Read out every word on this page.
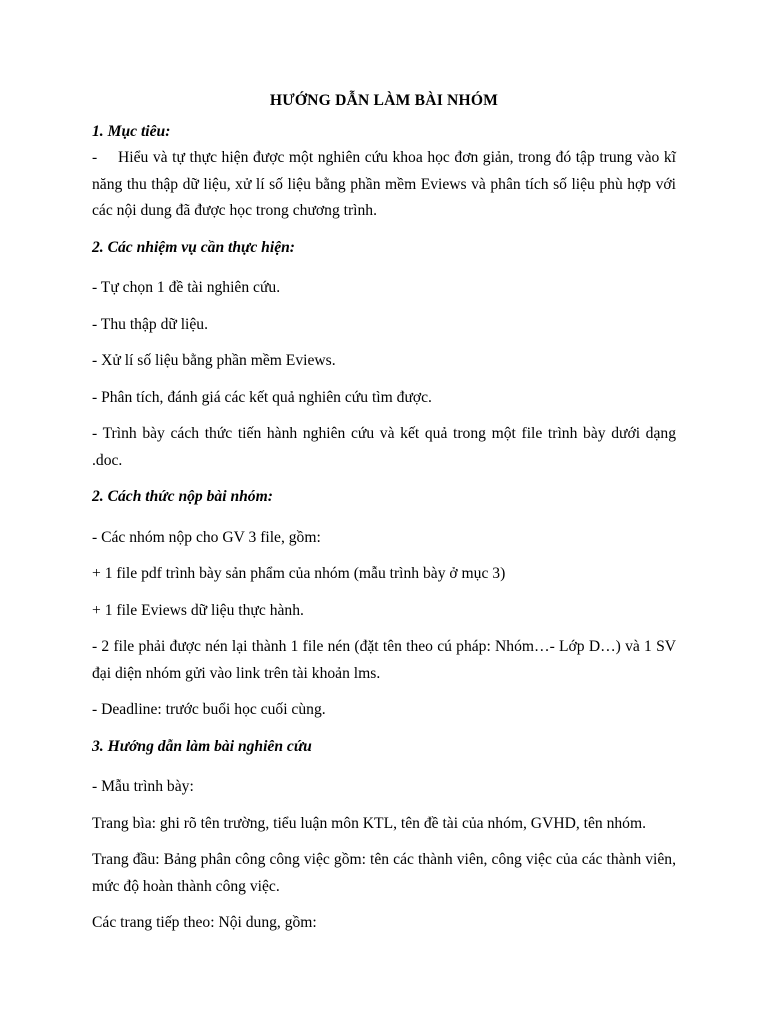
HƯỚNG DẪN LÀM BÀI NHÓM
1. Mục tiêu:

- Hiểu và tự thực hiện được một nghiên cứu khoa học đơn giản, trong đó tập trung vào kĩ năng thu thập dữ liệu, xử lí số liệu bằng phần mềm Eviews và phân tích số liệu phù hợp với các nội dung đã được học trong chương trình.

2. Các nhiệm vụ cần thực hiện:

- Tự chọn 1 đề tài nghiên cứu.

- Thu thập dữ liệu.

- Xử lí số liệu bằng phần mềm Eviews.

- Phân tích, đánh giá các kết quả nghiên cứu tìm được.

- Trình bày cách thức tiến hành nghiên cứu và kết quả trong một file trình bày dưới dạng .doc.

2. Cách thức nộp bài nhóm:

- Các nhóm nộp cho GV 3 file, gồm:

+ 1 file pdf trình bày sản phẩm của nhóm (mẫu trình bày ở mục 3)

+ 1 file Eviews dữ liệu thực hành.

- 2 file phải được nén lại thành 1 file nén (đặt tên theo cú pháp: Nhóm…- Lớp D…) và 1 SV đại diện nhóm gửi vào link trên tài khoản lms.

- Deadline: trước buổi học cuối cùng.

3. Hướng dẫn làm bài nghiên cứu

- Mẫu trình bày:

Trang bìa: ghi rõ tên trường, tiểu luận môn KTL, tên đề tài của nhóm, GVHD, tên nhóm.

Trang đầu: Bảng phân công công việc gồm: tên các thành viên, công việc của các thành viên, mức độ hoàn thành công việc.

Các trang tiếp theo: Nội dung, gồm:
